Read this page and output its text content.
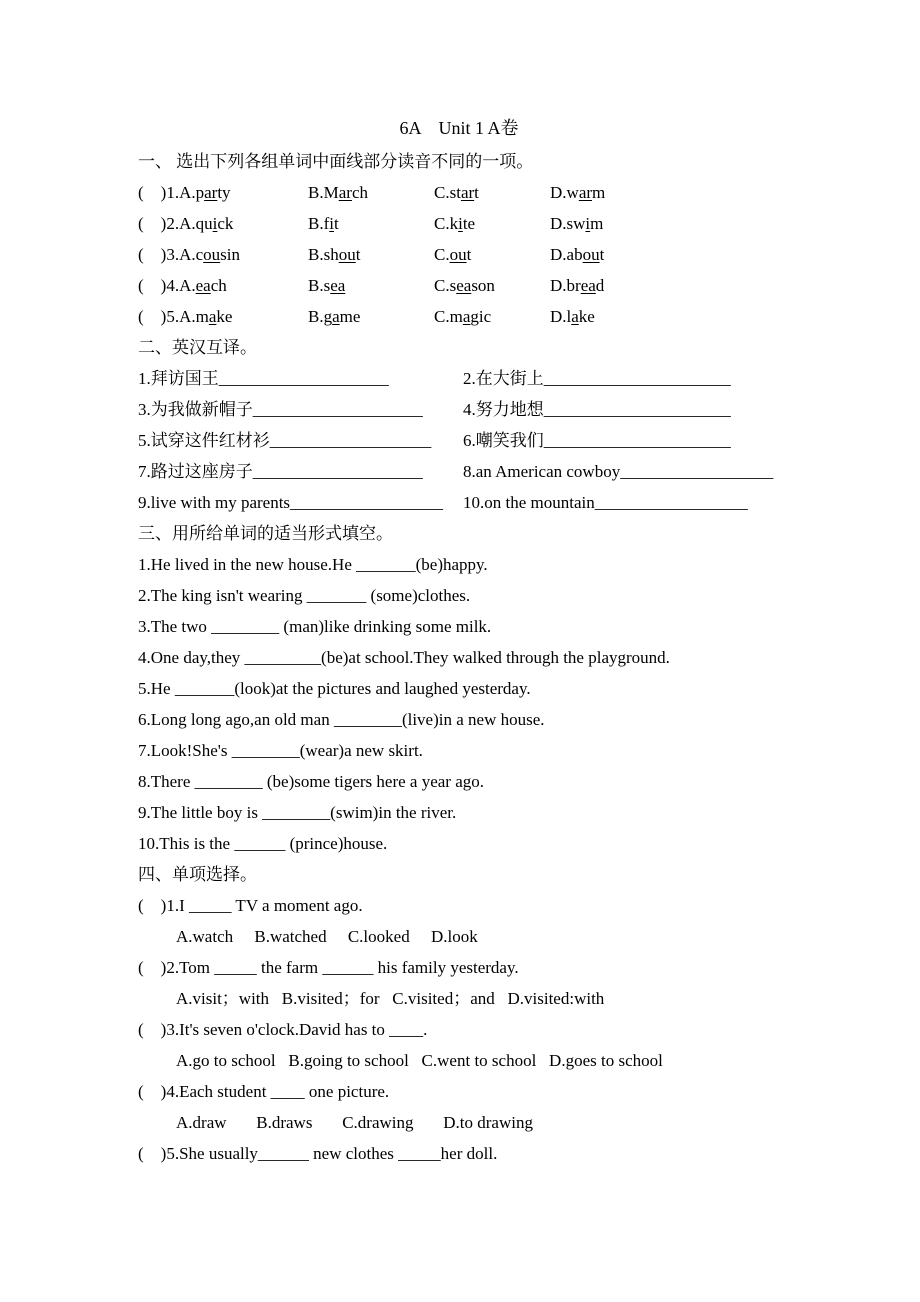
6A　Unit 1 A卷
一、 选出下列各组单词中面线部分读音不同的一项。
(　)1.A.party	B.March	C.start	D.warm
(　)2.A.quick	B.fit	C.kite	D.swim
(　)3.A.cousin	B.shout	C.out	D.about
(　)4.A.each	B.sea	C.season	D.bread
(　)5.A.make	B.game	C.magic	D.lake
二、英汉互译。
1.拜访国王____________________	2.在大街上______________________
3.为我做新帽子____________________	4.努力地想______________________
5.试穿这件红材衫___________________	6.嘲笑我们______________________
7.路过这座房子____________________	8.an American cowboy__________________
9.live with my parents__________________	10.on the mountain__________________
三、用所给单词的适当形式填空。
1.He lived in the new house.He _______(be)happy.
2.The king isn't wearing _______ (some)clothes.
3.The two ________ (man)like drinking some milk.
4.One day,they _________(be)at school.They walked through the playground.
5.He _______(look)at the pictures and laughed yesterday.
6.Long long ago,an old man ________(live)in a new house.
7.Look!She's ________(wear)a new skirt.
8.There ________ (be)some tigers here a year ago.
9.The little boy is ________(swim)in the river.
10.This is the ______ (prince)house.
四、单项选择。
(　)1.I _____ TV a moment ago.
A.watch     B.watched     C.looked     D.look
(　)2.Tom _____ the farm ______ his family yesterday.
A.visit；with   B.visited；for   C.visited；and   D.visited:with
(　)3.It's seven o'clock.David has to ____.
A.go to school   B.going to school   C.went to school   D.goes to school
(　)4.Each student ____ one picture.
A.draw       B.draws       C.drawing       D.to drawing
(　)5.She usually______ new clothes _____her doll.
